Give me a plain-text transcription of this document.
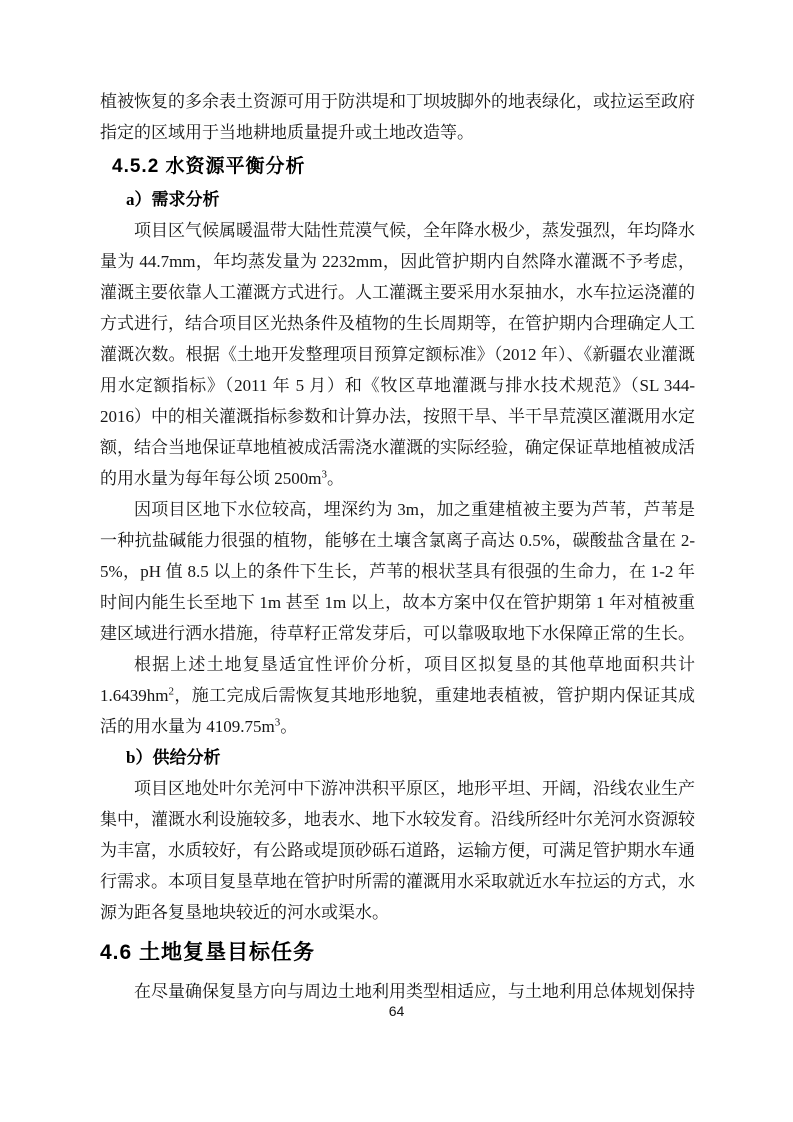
植被恢复的多余表土资源可用于防洪堤和丁坝坡脚外的地表绿化，或拉运至政府指定的区域用于当地耕地质量提升或土地改造等。

4.5.2 水资源平衡分析

a）需求分析

项目区气候属暖温带大陆性荒漠气候，全年降水极少，蒸发强烈，年均降水量为 44.7mm，年均蒸发量为 2232mm，因此管护期内自然降水灌溉不予考虑，灌溉主要依靠人工灌溉方式进行。人工灌溉主要采用水泵抽水，水车拉运浇灌的方式进行，结合项目区光热条件及植物的生长周期等，在管护期内合理确定人工灌溉次数。根据《土地开发整理项目预算定额标准》（2012 年）、《新疆农业灌溉用水定额指标》（2011 年 5 月）和《牧区草地灌溉与排水技术规范》（SL 344-2016）中的相关灌溉指标参数和计算办法，按照干旱、半干旱荒漠区灌溉用水定额，结合当地保证草地植被成活需浇水灌溉的实际经验，确定保证草地植被成活的用水量为每年每公顷 $2500m^3$。

因项目区地下水位较高，埋深约为 3m，加之重建植被主要为芦苇，芦苇是一种抗盐碱能力很强的植物，能够在土壤含氯离子高达 0.5%，碳酸盐含量在 2-5%，pH 值 8.5 以上的条件下生长，芦苇的根状茎具有很强的生命力，在 1-2 年时间内能生长至地下 1m 甚至 1m 以上，故本方案中仅在管护期第 1 年对植被重建区域进行洒水措施，待草籽正常发芽后，可以靠吸取地下水保障正常的生长。

根据上述土地复垦适宜性评价分析，项目区拟复垦的其他草地面积共计 $1.6439hm^2$，施工完成后需恢复其地形地貌，重建地表植被，管护期内保证其成活的用水量为 $4109.75m^3$。

b）供给分析

项目区地处叶尔羌河中下游冲洪积平原区，地形平坦、开阔，沿线农业生产集中，灌溉水利设施较多，地表水、地下水较发育。沿线所经叶尔羌河水资源较为丰富，水质较好，有公路或堤顶砂砾石道路，运输方便，可满足管护期水车通行需求。本项目复垦草地在管护时所需的灌溉用水采取就近水车拉运的方式，水源为距各复垦地块较近的河水或渠水。

4.6 土地复垦目标任务

在尽量确保复垦方向与周边土地利用类型相适应，与土地利用总体规划保持

64
